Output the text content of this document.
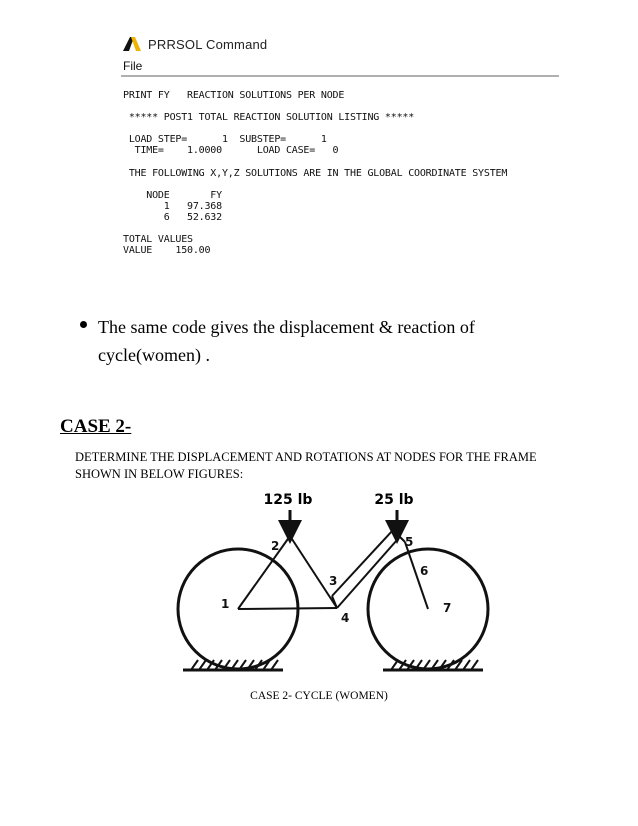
PRRSOL Command
File
PRINT FY   REACTION SOLUTIONS PER NODE
***** POST1 TOTAL REACTION SOLUTION LISTING *****
LOAD STEP=      1  SUBSTEP=      1
TIME=    1.0000      LOAD CASE=   0
THE FOLLOWING X,Y,Z SOLUTIONS ARE IN THE GLOBAL COORDINATE SYSTEM
NODE       FY
1   97.368
6   52.632
TOTAL VALUES
VALUE    150.00
The same code gives the displacement & reaction of cycle(women) .
CASE 2-
DETERMINE THE DISPLACEMENT AND ROTATIONS AT NODES FOR THE FRAME SHOWN IN BELOW FIGURES:
125 lb	25 lb
1
2
3
4
5
6
7
CASE 2- CYCLE (WOMEN)
